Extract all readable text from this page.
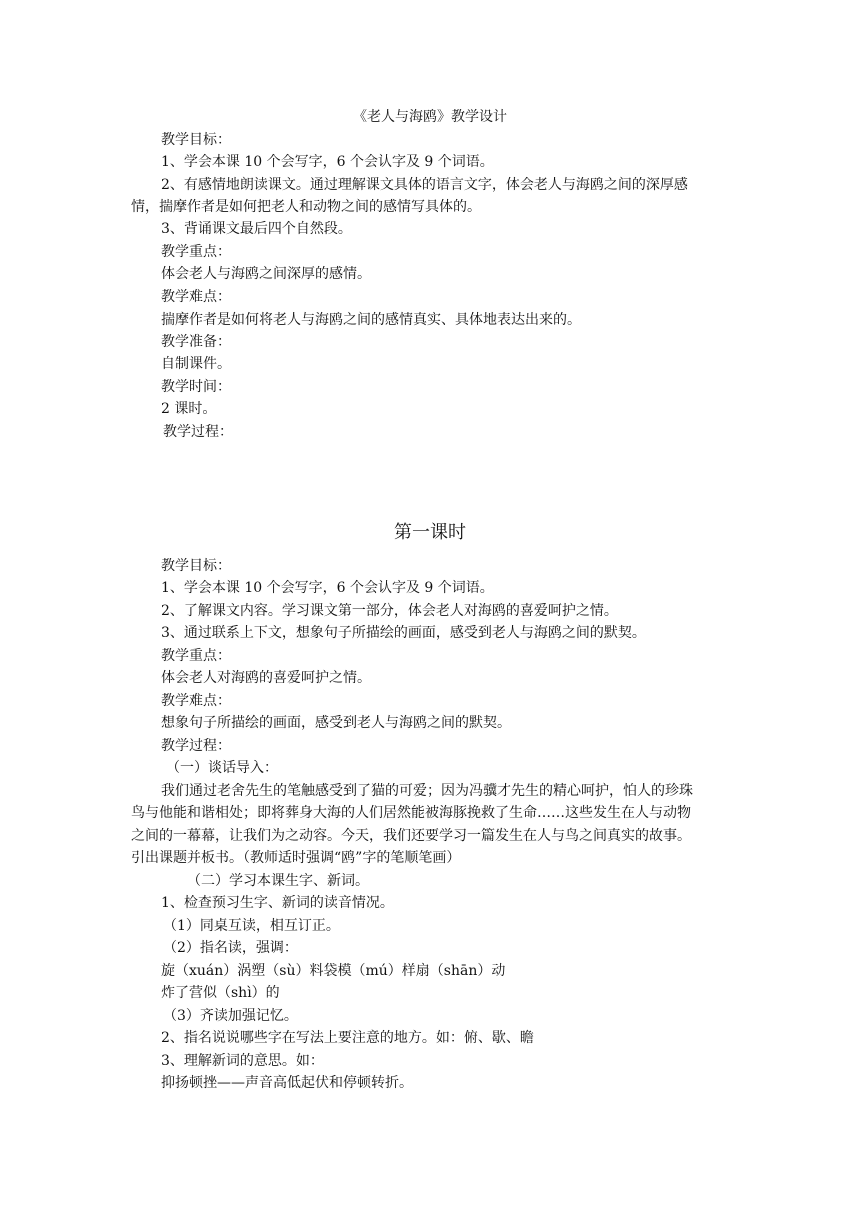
《老人与海鸥》教学设计
教学目标：
1、学会本课 10 个会写字，6 个会认字及 9 个词语。
2、有感情地朗读课文。通过理解课文具体的语言文字，体会老人与海鸥之间的深厚感
情，揣摩作者是如何把老人和动物之间的感情写具体的。
3、背诵课文最后四个自然段。
教学重点：
体会老人与海鸥之间深厚的感情。
教学难点：
揣摩作者是如何将老人与海鸥之间的感情真实、具体地表达出来的。
教学准备：
自制课件。
教学时间：
2 课时。
教学过程：
第一课时
教学目标：
1、学会本课 10 个会写字，6 个会认字及 9 个词语。
2、了解课文内容。学习课文第一部分，体会老人对海鸥的喜爱呵护之情。
3、通过联系上下文，想象句子所描绘的画面，感受到老人与海鸥之间的默契。
教学重点：
体会老人对海鸥的喜爱呵护之情。
教学难点：
想象句子所描绘的画面，感受到老人与海鸥之间的默契。
教学过程：
（一）谈话导入：
我们通过老舍先生的笔触感受到了猫的可爱；因为冯骥才先生的精心呵护，怕人的珍珠
鸟与他能和谐相处；即将葬身大海的人们居然能被海豚挽救了生命……这些发生在人与动物
之间的一幕幕，让我们为之动容。今天，我们还要学习一篇发生在人与鸟之间真实的故事。
引出课题并板书。（教师适时强调“鸥”字的笔顺笔画）
（二）学习本课生字、新词。
1、检查预习生字、新词的读音情况。
（1）同桌互读，相互订正。
（2）指名读，强调：
旋（xuán）涡塑（sù）料袋模（mú）样扇（shān）动
炸了营似（shì）的
（3）齐读加强记忆。
2、指名说说哪些字在写法上要注意的地方。如：俯、歇、瞻
3、理解新词的意思。如：
抑扬顿挫——声音高低起伏和停顿转折。
